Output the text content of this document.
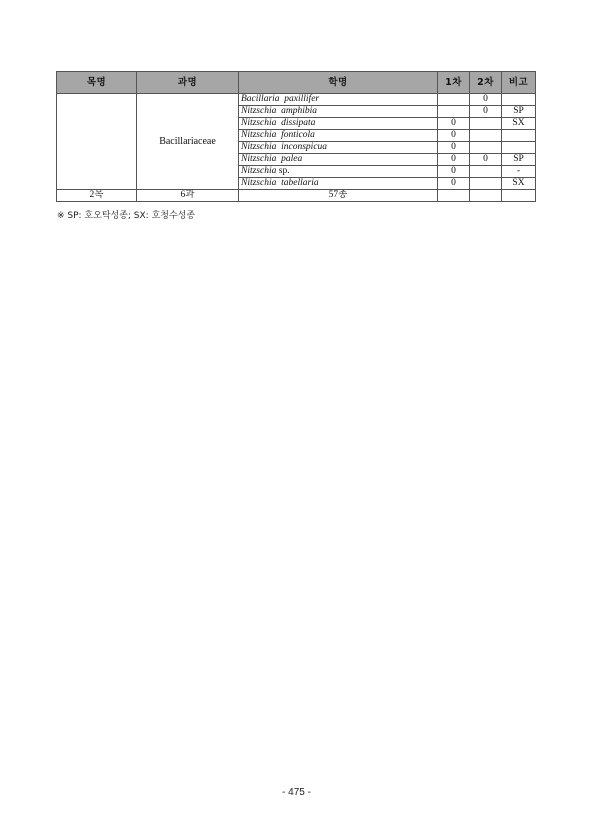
목명	과명	학명	1차	2차	비고
	Bacillariaceae	Bacillaria paxillifer		0	
		Nitzschia amphibia		0	SP
		Nitzschia dissipata	0		SX
		Nitzschia fonticola	0		
		Nitzschia inconspicua	0		
		Nitzschia palea	0	0	SP
		Nitzschia sp.	0		-
		Nitzschia tabellaria	0		SX
2목	6과	57종			
※ SP: 호오탁성종; SX: 호청수성종
- 475 -
